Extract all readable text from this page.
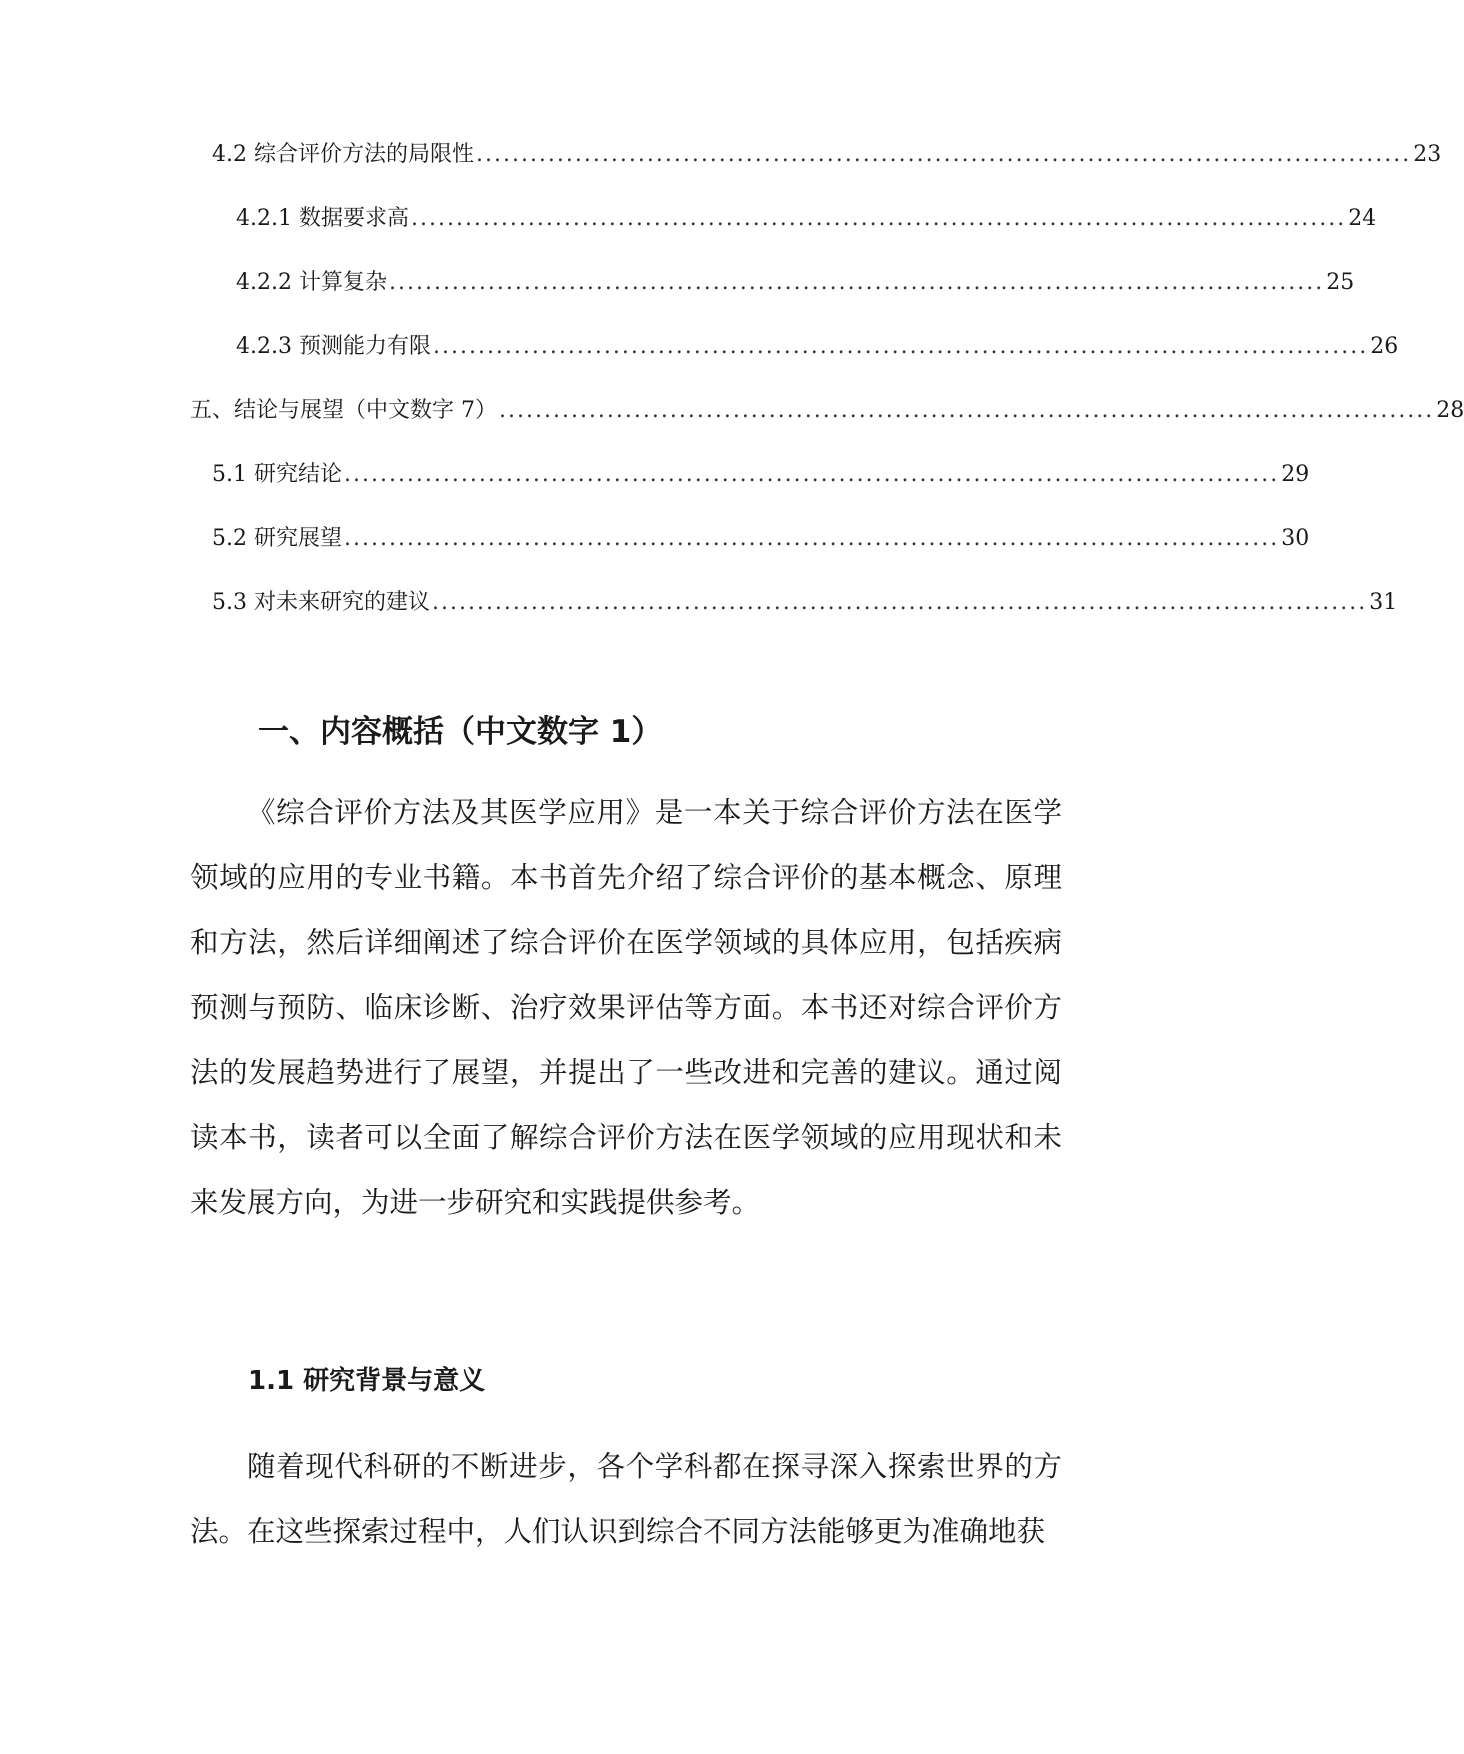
4.2 综合评价方法的局限性 ........................................................................................................ 23
4.2.1 数据要求高 ........................................................................................................ 24
4.2.2 计算复杂 ........................................................................................................ 25
4.2.3 预测能力有限 ........................................................................................................ 26
五、结论与展望（中文数字 7） ........................................................................................................ 28
5.1 研究结论 ........................................................................................................ 29
5.2 研究展望 ........................................................................................................ 30
5.3 对未来研究的建议 ........................................................................................................ 31
一、内容概括（中文数字 1）

《综合评价方法及其医学应用》是一本关于综合评价方法在医学领域的应用的专业书籍。本书首先介绍了综合评价的基本概念、原理和方法，然后详细阐述了综合评价在医学领域的具体应用，包括疾病预测与预防、临床诊断、治疗效果评估等方面。本书还对综合评价方法的发展趋势进行了展望，并提出了一些改进和完善的建议。通过阅读本书，读者可以全面了解综合评价方法在医学领域的应用现状和未来发展方向，为进一步研究和实践提供参考。

1.1 研究背景与意义

随着现代科研的不断进步，各个学科都在探寻深入探索世界的方法。在这些探索过程中，人们认识到综合不同方法能够更为准确地获
